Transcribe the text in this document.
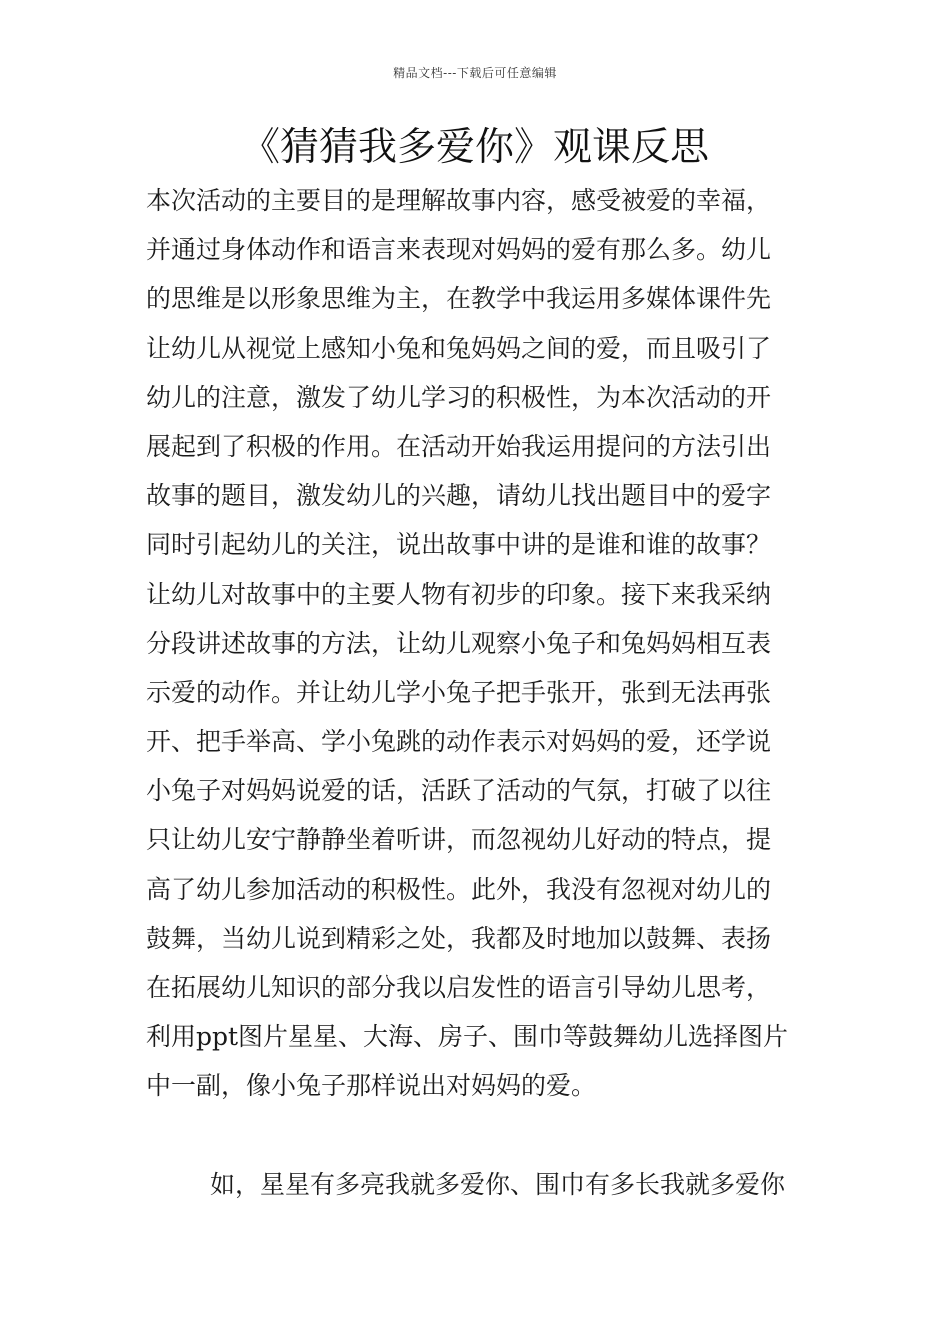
精品文档---下载后可任意编辑
《猜猜我多爱你》观课反思
本次活动的主要目的是理解故事内容，感受被爱的幸福，
并通过身体动作和语言来表现对妈妈的爱有那么多。幼儿
的思维是以形象思维为主，在教学中我运用多媒体课件先
让幼儿从视觉上感知小兔和兔妈妈之间的爱，而且吸引了
幼儿的注意，激发了幼儿学习的积极性，为本次活动的开
展起到了积极的作用。在活动开始我运用提问的方法引出
故事的题目，激发幼儿的兴趣，请幼儿找出题目中的爱字
同时引起幼儿的关注，说出故事中讲的是谁和谁的故事？
让幼儿对故事中的主要人物有初步的印象。接下来我采纳
分段讲述故事的方法，让幼儿观察小兔子和兔妈妈相互表
示爱的动作。并让幼儿学小兔子把手张开，张到无法再张
开、把手举高、学小兔跳的动作表示对妈妈的爱，还学说
小兔子对妈妈说爱的话，活跃了活动的气氛，打破了以往
只让幼儿安宁静静坐着听讲，而忽视幼儿好动的特点，提
高了幼儿参加活动的积极性。此外，我没有忽视对幼儿的
鼓舞，当幼儿说到精彩之处，我都及时地加以鼓舞、表扬
在拓展幼儿知识的部分我以启发性的语言引导幼儿思考，
利用ppt图片星星、大海、房子、围巾等鼓舞幼儿选择图片
中一副，像小兔子那样说出对妈妈的爱。
如，星星有多亮我就多爱你、围巾有多长我就多爱你
